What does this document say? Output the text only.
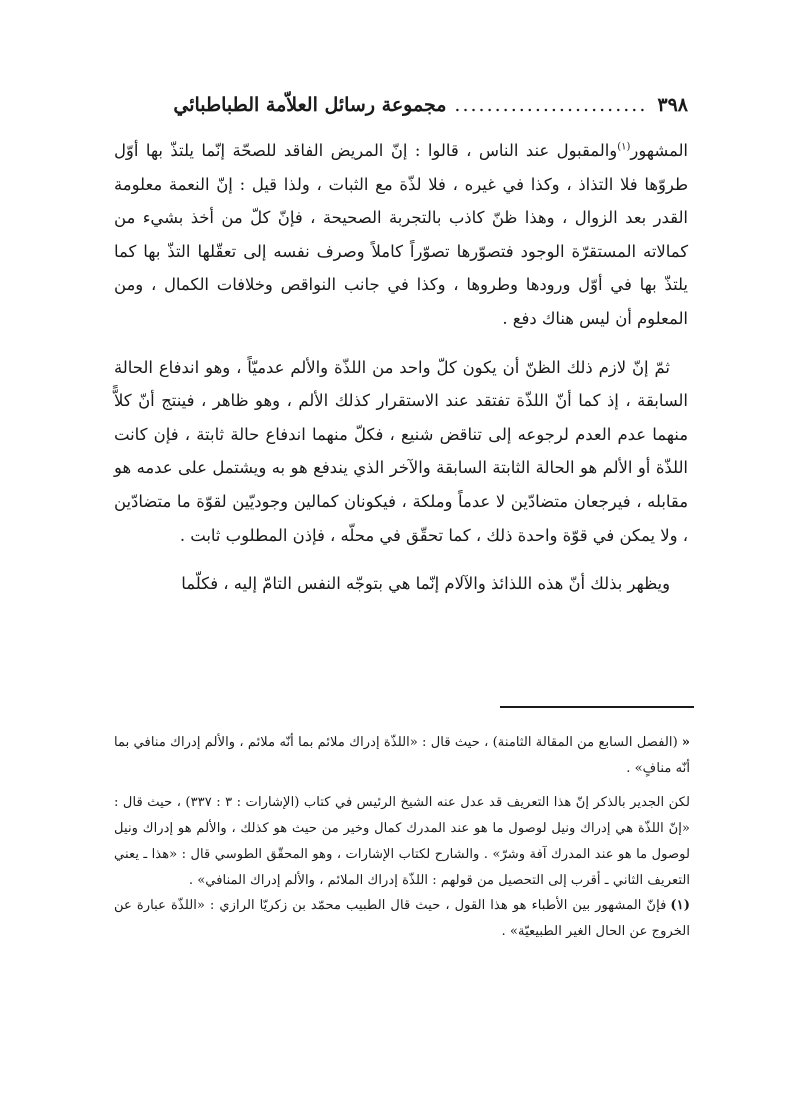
٣٩٨
........................
مجموعة رسائل العلاّمة الطباطبائي

المشهور$^{(١)}$والمقبول عند الناس ، قالوا : إنّ المريض الفاقد للصحّة إنّما يلتذّ بها أوّل طروّها فلا التذاذ ، وكذا في غيره ، فلا لذّة مع الثبات ، ولذا قيل : إنّ النعمة معلومة القدر بعد الزوال ، وهذا ظنّ كاذب بالتجربة الصحيحة ، فإنّ كلّ من أخذ بشيء من كمالاته المستقرّة الوجود فتصوّرها تصوّراً كاملاً وصرف نفسه إلى تعقّلها التذّ بها كما يلتذّ بها في أوّل ورودها وطروها ، وكذا في جانب النواقص وخلافات الكمال ، ومن المعلوم أن ليس هناك دفع .

ثمّ إنّ لازم ذلك الظنّ أن يكون كلّ واحد من اللذّة والألم عدميّاً ، وهو اندفاع الحالة السابقة ، إذ كما أنّ اللذّة تفتقد عند الاستقرار كذلك الألم ، وهو ظاهر ، فينتج أنّ كلاًّ منهما عدم العدم لرجوعه إلى تناقض شنيع ، فكلّ منهما اندفاع حالة ثابتة ، فإن كانت اللذّة أو الألم هو الحالة الثابتة السابقة والآخر الذي يندفع هو به ويشتمل على عدمه هو مقابله ، فيرجعان متضادّين لا عدماً وملكة ، فيكونان كمالين وجوديّين لقوّة ما متضادّين ، ولا يمكن في قوّة واحدة ذلك ، كما تحقّق في محلّه ، فإذن المطلوب ثابت .

ويظهر بذلك أنّ هذه اللذائذ والآلام إنّما هي بتوجّه النفس التامّ إليه ، فكلّما

«(الفصل السابع من المقالة الثامنة) ، حيث قال : «اللذّة إدراك ملائم بما أنّه ملائم ، والألم إدراك منافي بما أنّه منافٍ» .

لكن الجدير بالذكر إنّ هذا التعريف قد عدل عنه الشيخ الرئيس في كتاب (الإشارات : ٣ : ٣٣٧) ، حيث قال : «إنّ اللذّة هي إدراك ونيل لوصول ما هو عند المدرك كمال وخير من حيث هو كذلك ، والألم هو إدراك ونيل لوصول ما هو عند المدرك آفة وشرّ» . والشارح لكتاب الإشارات ، وهو المحقّق الطوسي قال : «هذا ـ يعني التعريف الثاني ـ أقرب إلى التحصيل من قولهم : اللذّة إدراك الملائم ، والألم إدراك المنافي» .

(١)فإنّ المشهور بين الأطباء هو هذا القول ، حيث قال الطبيب محمّد بن زكريّا الرازي : «اللذّة عبارة عن الخروج عن الحال الغير الطبيعيّة» .
